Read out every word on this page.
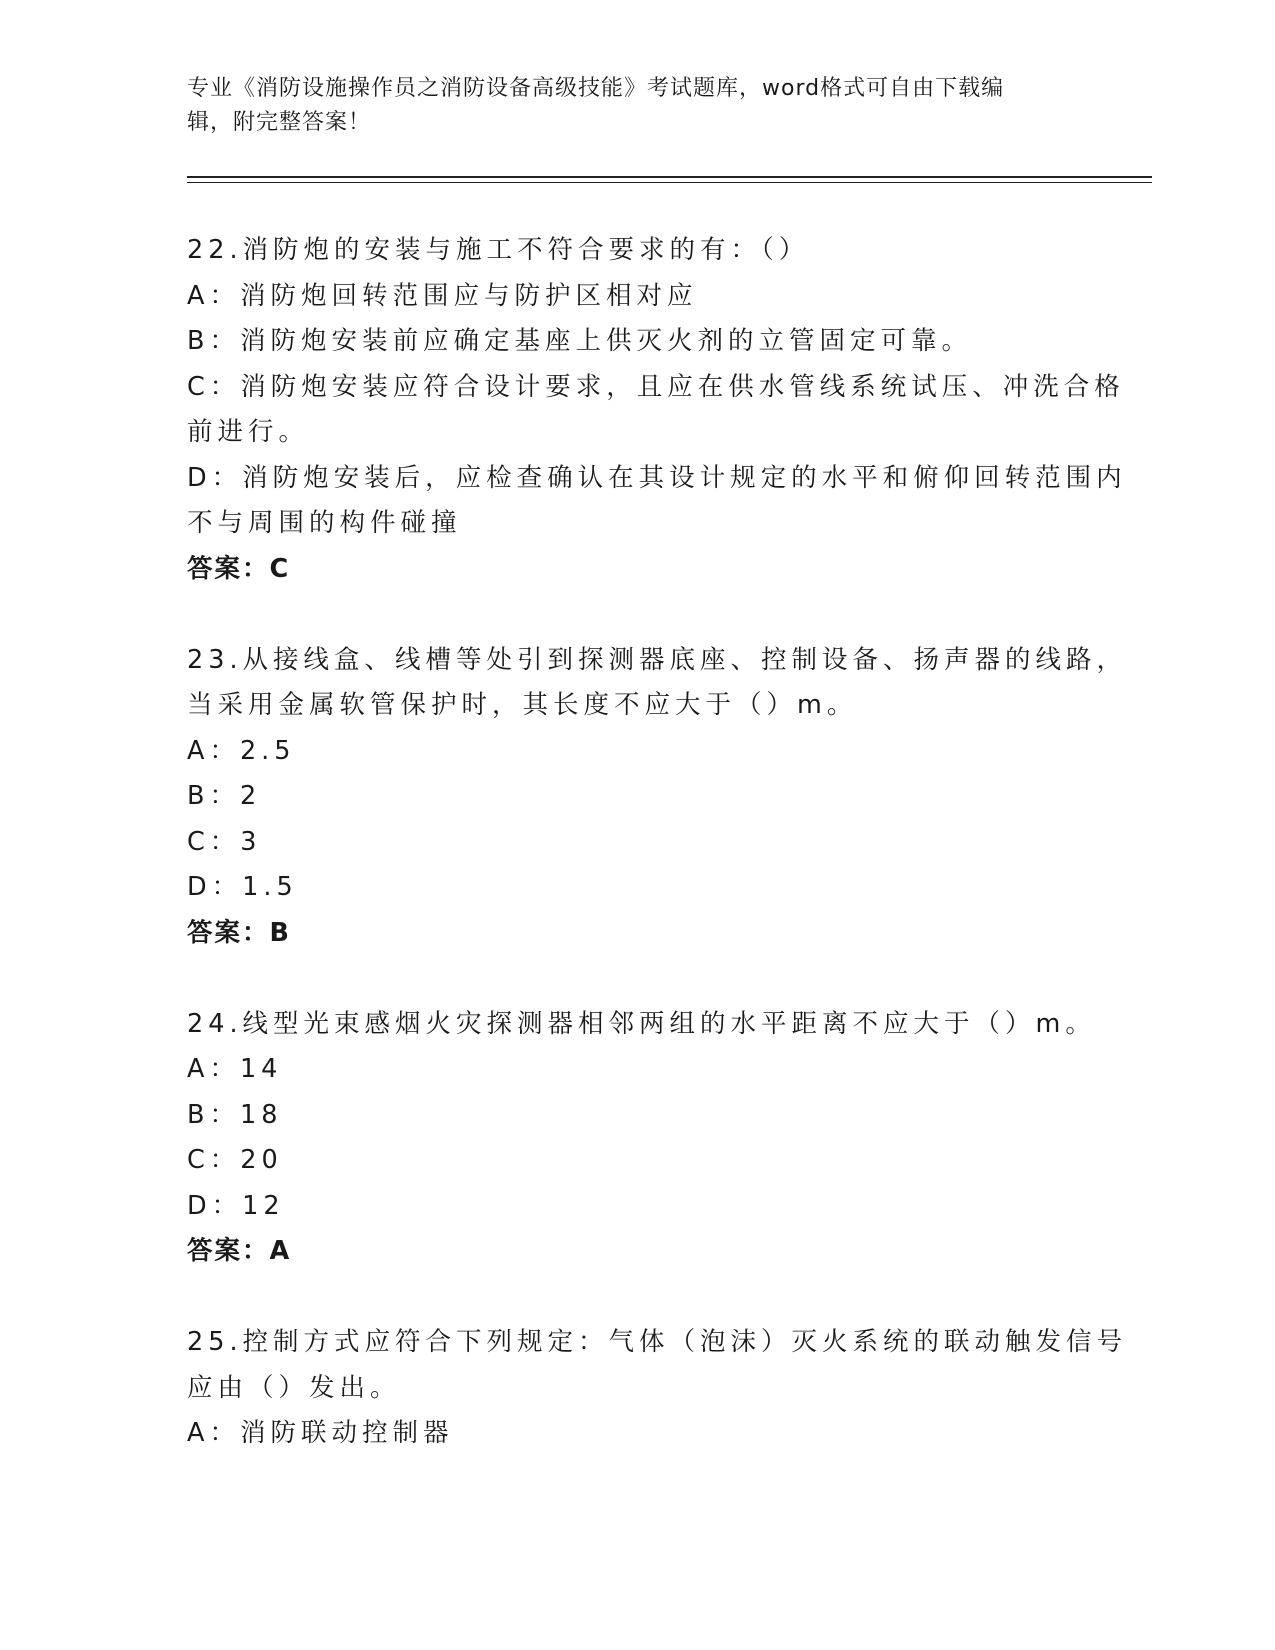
专业《消防设施操作员之消防设备高级技能》考试题库，word格式可自由下载编
辑，附完整答案！
22.消防炮的安装与施工不符合要求的有：（）
A：消防炮回转范围应与防护区相对应
B：消防炮安装前应确定基座上供灭火剂的立管固定可靠。
C：消防炮安装应符合设计要求，且应在供水管线系统试压、冲洗合格
前进行。
D：消防炮安装后，应检查确认在其设计规定的水平和俯仰回转范围内
不与周围的构件碰撞
答案：C
23.从接线盒、线槽等处引到探测器底座、控制设备、扬声器的线路，
当采用金属软管保护时，其长度不应大于（）m。
A：2.5
B：2
C：3
D：1.5
答案：B
24.线型光束感烟火灾探测器相邻两组的水平距离不应大于（）m。
A：14
B：18
C：20
D：12
答案：A
25.控制方式应符合下列规定：气体（泡沫）灭火系统的联动触发信号
应由（）发出。
A：消防联动控制器
